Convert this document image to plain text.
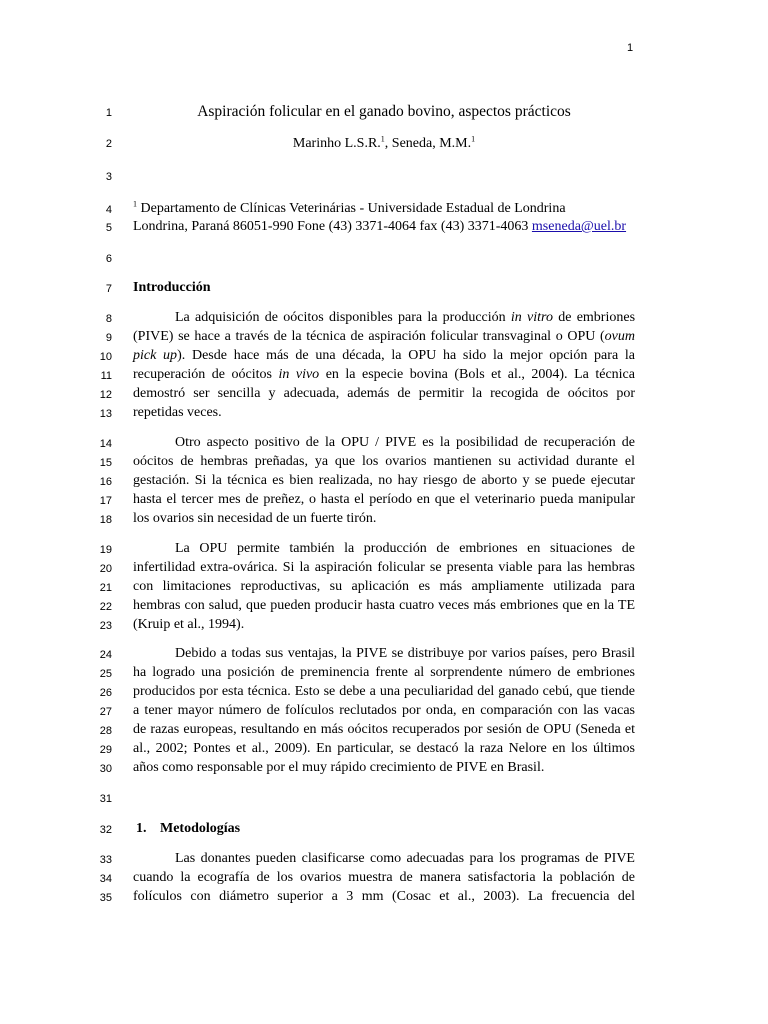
1
1
2
3
4
5
6
7
8
9
10
11
12
13
14
15
16
17
18
19
20
21
22
23
24
25
26
27
28
29
30
31
32
33
34
35
Aspiración folicular en el ganado bovino, aspectos prácticos
Marinho L.S.R.$^1$, Seneda, M.M.$^1$
$^1$ Departamento de Clínicas Veterinárias - Universidade Estadual de Londrina
Londrina, Paraná 86051-990 Fone (43) 3371-4064 fax (43) 3371-4063 mseneda@uel.br
Introducción
La adquisición de oócitos disponibles para la producción in vitro de embriones
(PIVE) se hace a través de la técnica de aspiración folicular transvaginal o OPU (ovum
pick up). Desde hace más de una década, la OPU ha sido la mejor opción para la
recuperación de oócitos in vivo en la especie bovina (Bols et al., 2004). La técnica
demostró ser sencilla y adecuada, además de permitir la recogida de oócitos por
repetidas veces.
Otro aspecto positivo de la OPU / PIVE es la posibilidad de recuperación de
oócitos de hembras preñadas, ya que los ovarios mantienen su actividad durante el
gestación. Si la técnica es bien realizada, no hay riesgo de aborto y se puede ejecutar
hasta el tercer mes de preñez, o hasta el período en que el veterinario pueda manipular
los ovarios sin necesidad de un fuerte tirón.
La OPU permite también la producción de embriones en situaciones de
infertilidad extra-ovárica. Si la aspiración folicular se presenta viable para las hembras
con limitaciones reproductivas, su aplicación es más ampliamente utilizada para
hembras con salud, que pueden producir hasta cuatro veces más embriones que en la TE
(Kruip et al., 1994).
Debido a todas sus ventajas, la PIVE se distribuye por varios países, pero Brasil
ha logrado una posición de preminencia frente al sorprendente número de embriones
producidos por esta técnica. Esto se debe a una peculiaridad del ganado cebú, que tiende
a tener mayor número de folículos reclutados por onda, en comparación con las vacas
de razas europeas, resultando en más oócitos recuperados por sesión de OPU (Seneda et
al., 2002; Pontes et al., 2009). En particular, se destacó la raza Nelore en los últimos
años como responsable por el muy rápido crecimiento de PIVE en Brasil.
1. Metodologías
Las donantes pueden clasificarse como adecuadas para los programas de PIVE
cuando la ecografía de los ovarios muestra de manera satisfactoria la población de
folículos con diámetro superior a 3 mm (Cosac et al., 2003). La frecuencia del
